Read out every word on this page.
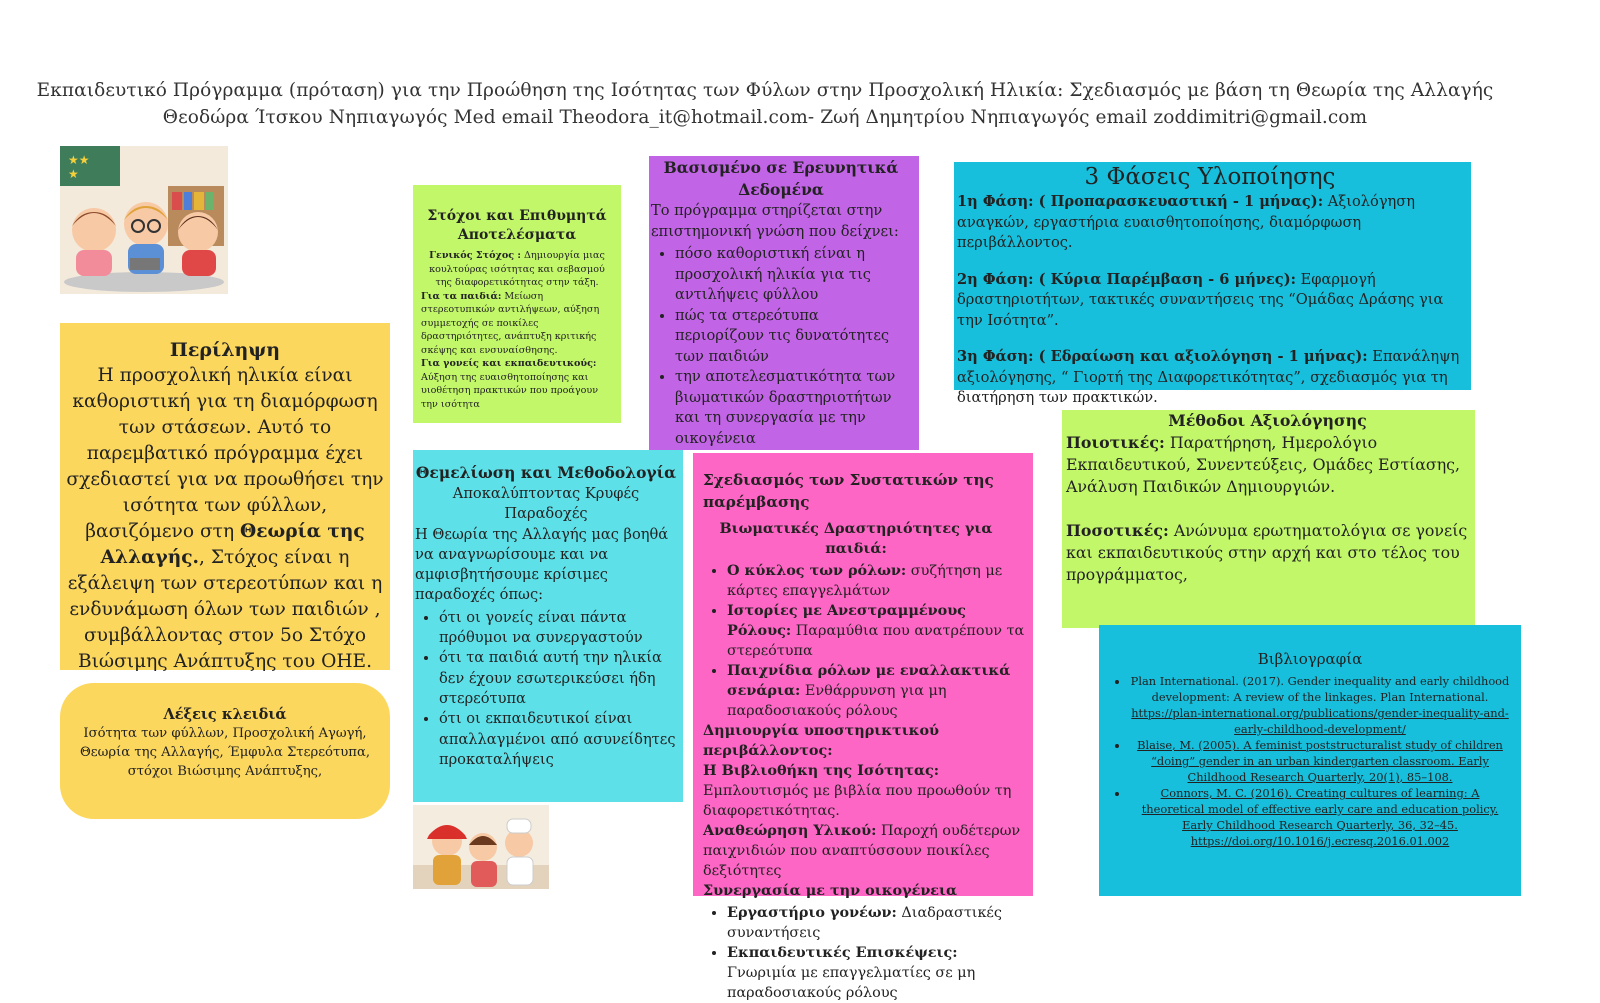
Εκπαιδευτικό Πρόγραμμα (πρόταση) για την Προώθηση της Ισότητας των Φύλων στην Προσχολική Ηλικία: Σχεδιασμός με βάση τη Θεωρία της Αλλαγής
Θεοδώρα Ίτσκου Νηπιαγωγός Med email Theodora_it@hotmail.com- Ζωή Δημητρίου Νηπιαγωγός email zoddimitri@gmail.com
★★
★
Περίληψη

Η προσχολική ηλικία είναι καθοριστική για τη διαμόρφωση των στάσεων. Αυτό το παρεμβατικό πρόγραμμα έχει σχεδιαστεί για να προωθήσει την ισότητα των φύλλων, βασιζόμενο στη Θεωρία της Αλλαγής., Στόχος είναι η εξάλειψη των στερεοτύπων και η ενδυνάμωση όλων των παιδιών , συμβάλλοντας στον 5ο Στόχο Βιώσιμης Ανάπτυξης του ΟΗΕ.

Λέξεις κλειδιά
Ισότητα των φύλλων, Προσχολική Αγωγή, Θεωρία της Αλλαγής, Έμφυλα Στερεότυπα, στόχοι Βιώσιμης Ανάπτυξης,
Στόχοι και Επιθυμητά Αποτελέσματα

Γενικός Στόχος : Δημιουργία μιας κουλτούρας ισότητας και σεβασμού της διαφορετικότητας στην τάξη.

Για τα παιδιά: Μείωση στερεοτυπικών αντιλήψεων, αύξηση συμμετοχής σε ποικίλες δραστηριότητες, ανάπτυξη κριτικής σκέψης και ενσυναίσθησης.

Για γονείς και εκπαιδευτικούς:
Αύξηση της ευαισθητοποίησης και υιοθέτηση πρακτικών που προάγουν την ισότητα

Βασισμένο σε Ερευνητικά Δεδομένα

Το πρόγραμμα στηρίζεται στην επιστημονική γνώση που δείχνει:

• πόσο καθοριστική είναι η προσχολική ηλικία για τις αντιλήψεις φύλλου
• πώς τα στερεότυπα περιορίζουν τις δυνατότητες των παιδιών
• την αποτελεσματικότητα των βιωματικών δραστηριοτήτων και τη συνεργασία με την οικογένεια
Θεμελίωση και Μεθοδολογία

Αποκαλύπτοντας Κρυφές Παραδοχές

Η Θεωρία της Αλλαγής μας βοηθά να αναγνωρίσουμε και να αμφισβητήσουμε κρίσιμες παραδοχές όπως:

• ότι οι γονείς είναι πάντα πρόθυμοι να συνεργαστούν
• ότι τα παιδιά αυτή την ηλικία δεν έχουν εσωτερικεύσει ήδη στερεότυπα
• ότι οι εκπαιδευτικοί είναι απαλλαγμένοι από ασυνείδητες προκαταλήψεις
Σχεδιασμός των Συστατικών της παρέμβασης
Βιωματικές Δραστηριότητες για παιδιά:
• Ο κύκλος των ρόλων: συζήτηση με κάρτες επαγγελμάτων
• Ιστορίες με Ανεστραμμένους Ρόλους: Παραμύθια που ανατρέπουν τα στερεότυπα
• Παιχνίδια ρόλων με εναλλακτικά σενάρια: Ενθάρρυνση για μη παραδοσιακούς ρόλους
Δημιουργία υποστηρικτικού περιβάλλοντος:

Η Βιβλιοθήκη της Ισότητας: Εμπλουτισμός με βιβλία που προωθούν τη διαφορετικότητας.

Αναθεώρηση Υλικού: Παροχή ουδέτερων παιχνιδιών που αναπτύσσουν ποικίλες δεξιότητες

Συνεργασία με την οικογένεια
• Εργαστήριο γονέων: Διαδραστικές συναντήσεις
• Εκπαιδευτικές Επισκέψεις: Γνωριμία με επαγγελματίες σε μη παραδοσιακούς ρόλους
3 Φάσεις Υλοποίησης

1η Φάση: ( Προπαρασκευαστική - 1 μήνας): Αξιολόγηση αναγκών, εργαστήρια ευαισθητοποίησης, διαμόρφωση περιβάλλοντος.

2η Φάση: ( Κύρια Παρέμβαση - 6 μήνες): Εφαρμογή δραστηριοτήτων, τακτικές συναντήσεις της “Ομάδας Δράσης για την Ισότητα”.

3η Φάση: ( Εδραίωση και αξιολόγηση - 1 μήνας): Επανάληψη αξιολόγησης, “ Γιορτή της Διαφορετικότητας”, σχεδιασμός για τη διατήρηση των πρακτικών.

Μέθοδοι Αξιολόγησης

Ποιοτικές: Παρατήρηση, Ημερολόγιο Εκπαιδευτικού, Συνεντεύξεις, Ομάδες Εστίασης, Ανάλυση Παιδικών Δημιουργιών.

Ποσοτικές: Ανώνυμα ερωτηματολόγια σε γονείς και εκπαιδευτικούς στην αρχή και στο τέλος του προγράμματος,

Βιβλιογραφία
• Plan International. (2017). Gender inequality and early childhood development: A review of the linkages. Plan International. https://plan-international.org/publications/gender-inequality-and-early-childhood-development/
• Blaise, M. (2005). A feminist poststructuralist study of children “doing” gender in an urban kindergarten classroom. Early Childhood Research Quarterly, 20(1), 85–108.
• Connors, M. C. (2016). Creating cultures of learning: A theoretical model of effective early care and education policy. Early Childhood Research Quarterly, 36, 32–45. https://doi.org/10.1016/j.ecresq.2016.01.002
